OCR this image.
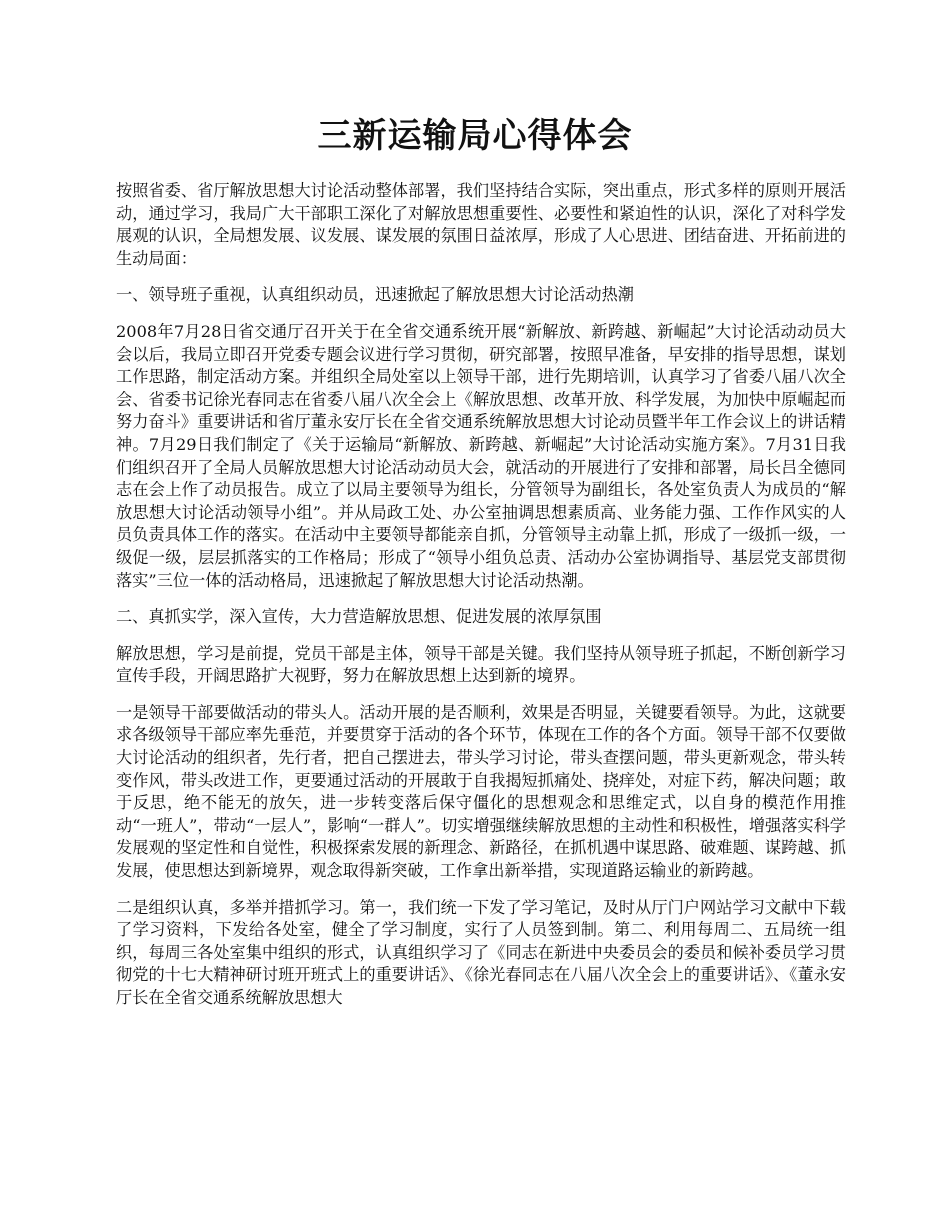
三新运输局心得体会

按照省委、省厅解放思想大讨论活动整体部署，我们坚持结合实际，突出重点，形式多样的原则开展活动，通过学习，我局广大干部职工深化了对解放思想重要性、必要性和紧迫性的认识，深化了对科学发展观的认识，全局想发展、议发展、谋发展的氛围日益浓厚，形成了人心思进、团结奋进、开拓前进的生动局面：

一、领导班子重视，认真组织动员，迅速掀起了解放思想大讨论活动热潮

2008年7月28日省交通厅召开关于在全省交通系统开展“新解放、新跨越、新崛起”大讨论活动动员大会以后，我局立即召开党委专题会议进行学习贯彻，研究部署，按照早准备，早安排的指导思想，谋划工作思路，制定活动方案。并组织全局处室以上领导干部，进行先期培训，认真学习了省委八届八次全会、省委书记徐光春同志在省委八届八次全会上《解放思想、改革开放、科学发展，为加快中原崛起而努力奋斗》重要讲话和省厅董永安厅长在全省交通系统解放思想大讨论动员暨半年工作会议上的讲话精神。7月29日我们制定了《关于运输局“新解放、新跨越、新崛起”大讨论活动实施方案》。7月31日我们组织召开了全局人员解放思想大讨论活动动员大会，就活动的开展进行了安排和部署，局长吕全德同志在会上作了动员报告。成立了以局主要领导为组长，分管领导为副组长，各处室负责人为成员的“解放思想大讨论活动领导小组”。并从局政工处、办公室抽调思想素质高、业务能力强、工作作风实的人员负责具体工作的落实。在活动中主要领导都能亲自抓，分管领导主动靠上抓，形成了一级抓一级，一级促一级，层层抓落实的工作格局；形成了“领导小组负总责、活动办公室协调指导、基层党支部贯彻落实”三位一体的活动格局，迅速掀起了解放思想大讨论活动热潮。

二、真抓实学，深入宣传，大力营造解放思想、促进发展的浓厚氛围

解放思想，学习是前提，党员干部是主体，领导干部是关键。我们坚持从领导班子抓起，不断创新学习宣传手段，开阔思路扩大视野，努力在解放思想上达到新的境界。

一是领导干部要做活动的带头人。活动开展的是否顺利，效果是否明显，关键要看领导。为此，这就要求各级领导干部应率先垂范，并要贯穿于活动的各个环节，体现在工作的各个方面。领导干部不仅要做大讨论活动的组织者，先行者，把自己摆进去，带头学习讨论，带头查摆问题，带头更新观念，带头转变作风，带头改进工作，更要通过活动的开展敢于自我揭短抓痛处、挠痒处，对症下药，解决问题；敢于反思，绝不能无的放矢，进一步转变落后保守僵化的思想观念和思维定式，以自身的模范作用推动“一班人”，带动“一层人”，影响“一群人”。切实增强继续解放思想的主动性和积极性，增强落实科学发展观的坚定性和自觉性，积极探索发展的新理念、新路径，在抓机遇中谋思路、破难题、谋跨越、抓发展，使思想达到新境界，观念取得新突破，工作拿出新举措，实现道路运输业的新跨越。

二是组织认真，多举并措抓学习。第一，我们统一下发了学习笔记，及时从厅门户网站学习文献中下载了学习资料，下发给各处室，健全了学习制度，实行了人员签到制。第二、利用每周二、五局统一组织，每周三各处室集中组织的形式，认真组织学习了《同志在新进中央委员会的委员和候补委员学习贯彻党的十七大精神研讨班开班式上的重要讲话》、《徐光春同志在八届八次全会上的重要讲话》、《董永安厅长在全省交通系统解放思想大
